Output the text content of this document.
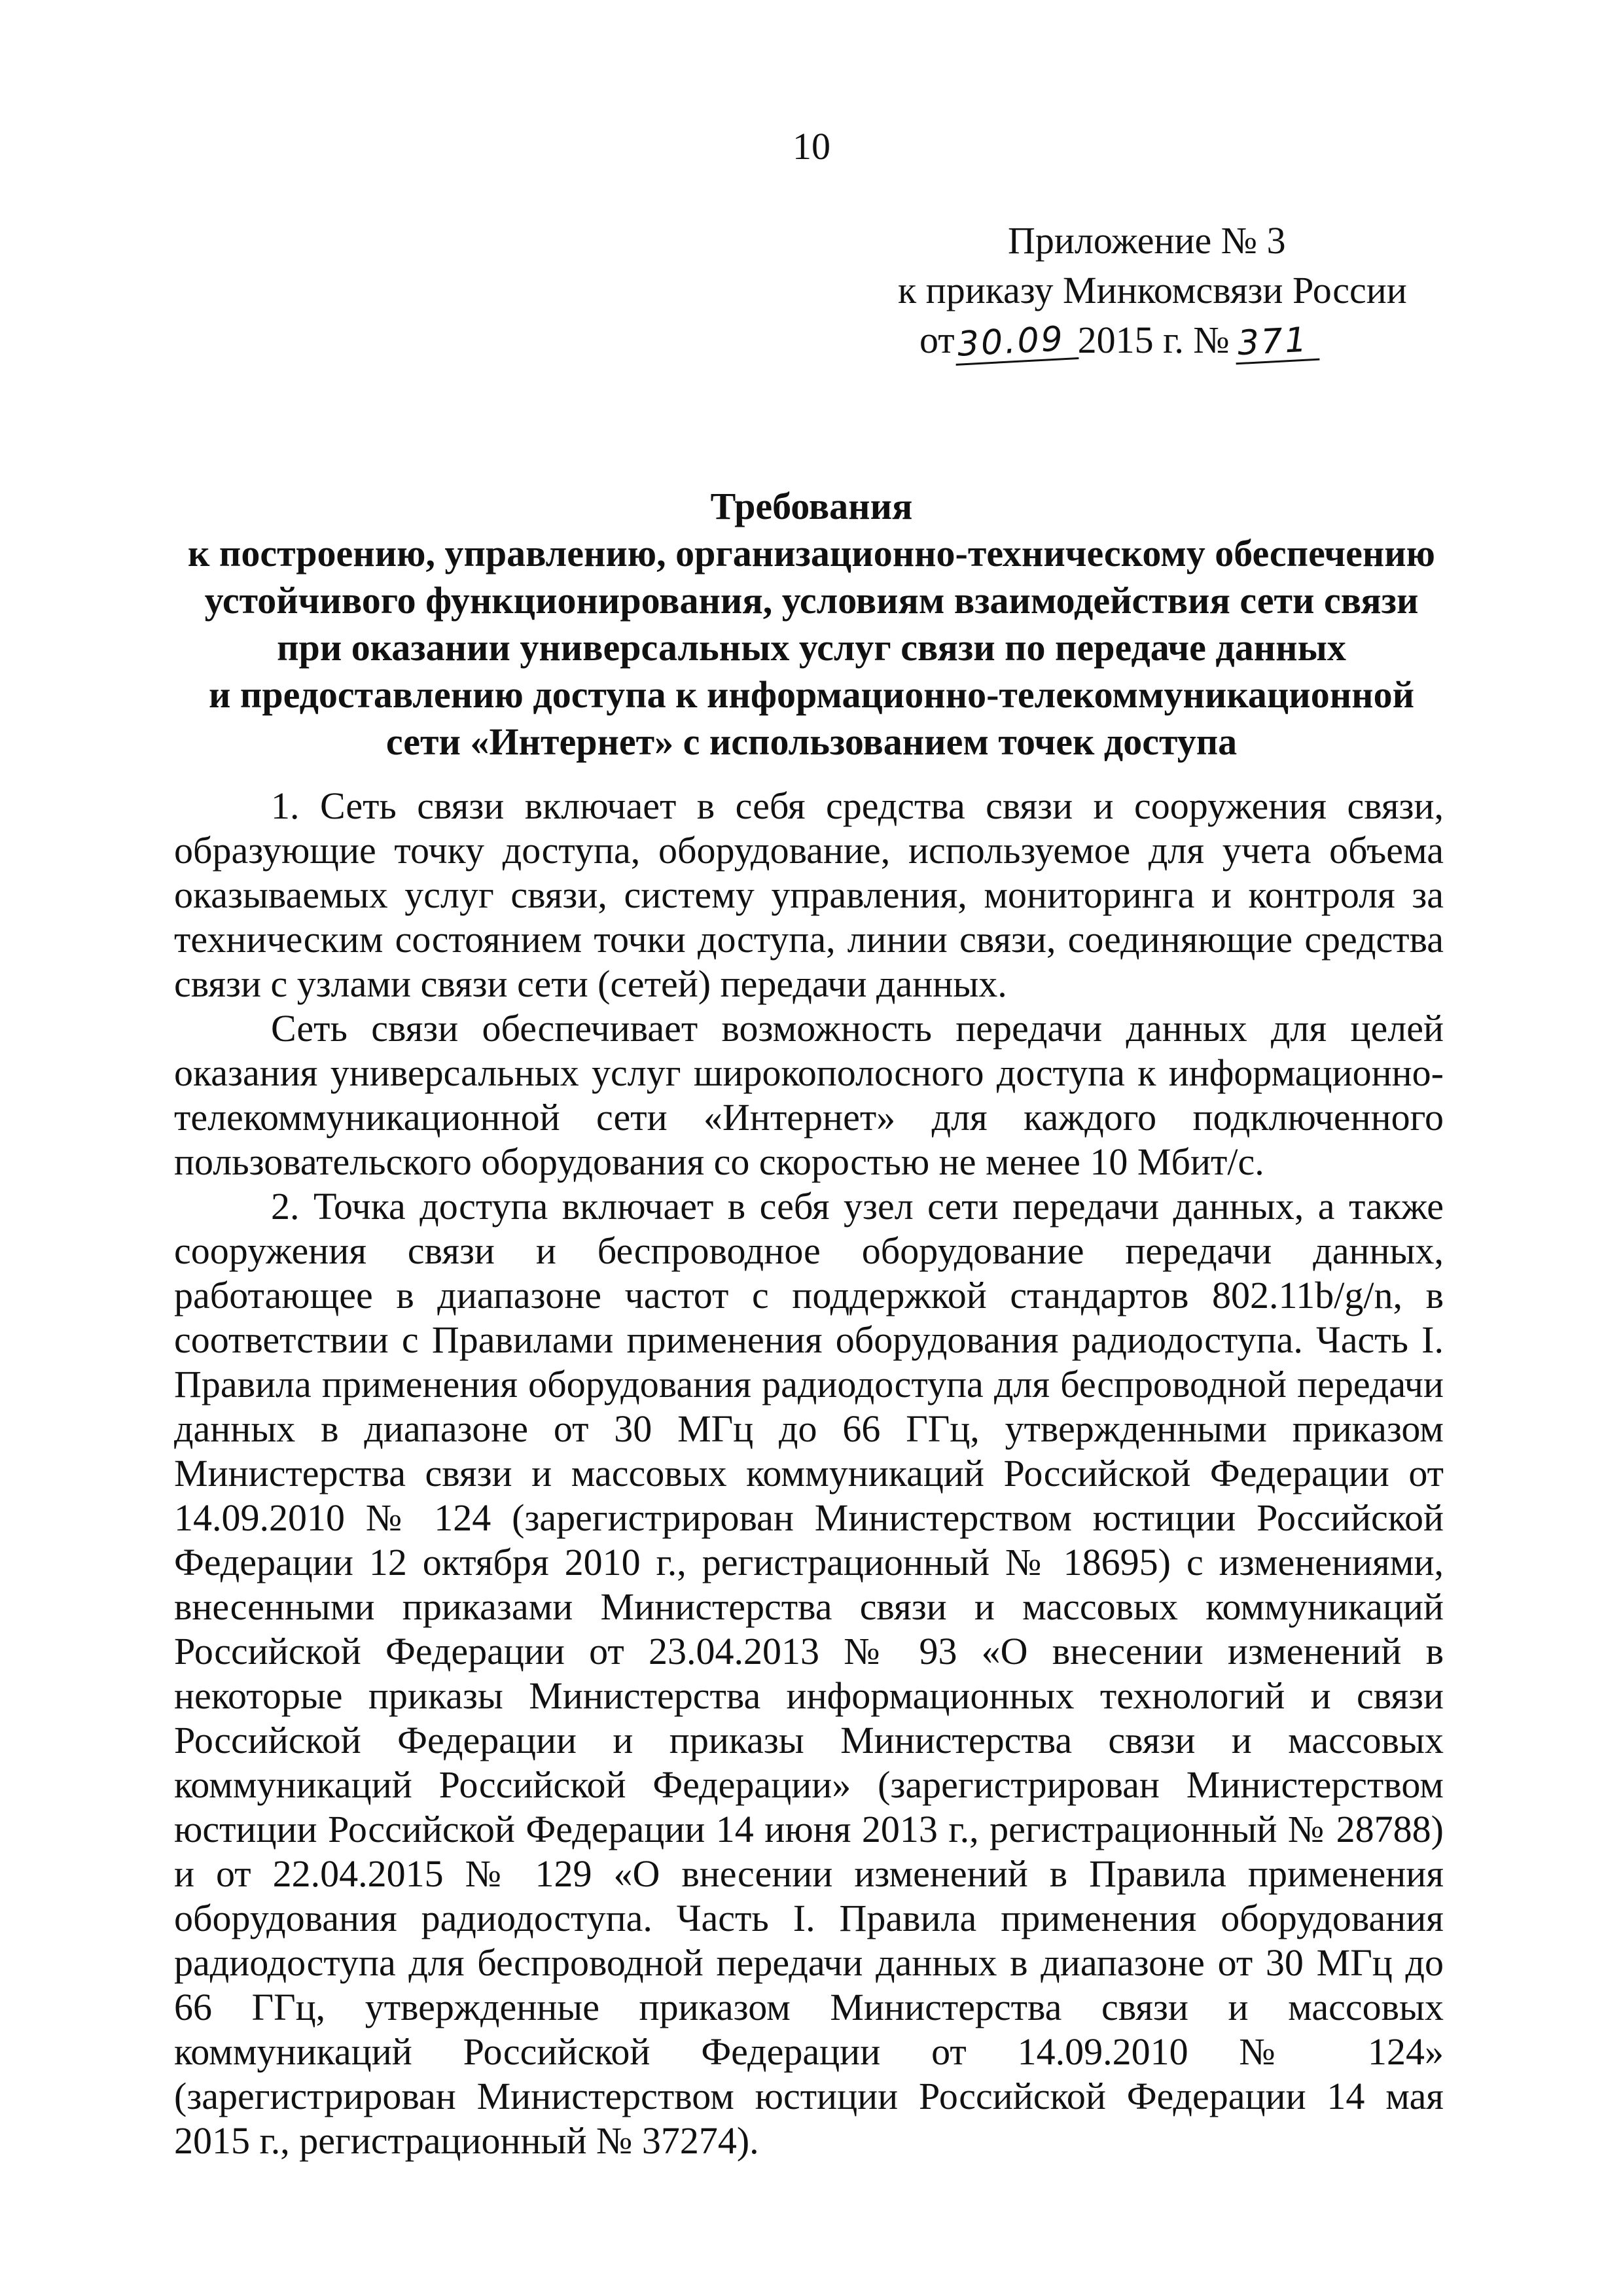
10
Приложение № 3
к приказу Минкомсвязи России
от30.09 2015 г. № 371
Требования
к построению, управлению, организационно-техническому обеспечению
устойчивого функционирования, условиям взаимодействия сети связи
при оказании универсальных услуг связи по передаче данных
и предоставлению доступа к информационно-телекоммуникационной
сети «Интернет» с использованием точек доступа

1. Сеть связи включает в себя средства связи и сооружения связи, образующие точку доступа, оборудование, используемое для учета объема оказываемых услуг связи, систему управления, мониторинга и контроля за техническим состоянием точки доступа, линии связи, соединяющие средства связи с узлами связи сети (сетей) передачи данных.

Сеть связи обеспечивает возможность передачи данных для целей оказания универсальных услуг широкополосного доступа к информационно-телекоммуникационной сети «Интернет» для каждого подключенного пользовательского оборудования со скоростью не менее 10 Мбит/с.

2. Точка доступа включает в себя узел сети передачи данных, а также сооружения связи и беспроводное оборудование передачи данных, работающее в диапазоне частот с поддержкой стандартов 802.11b/g/n, в соответствии с Правилами применения оборудования радиодоступа. Часть I. Правила применения оборудования радиодоступа для беспроводной передачи данных в диапазоне от 30 МГц до 66 ГГц, утвержденными приказом Министерства связи и массовых коммуникаций Российской Федерации от 14.09.2010 № 124 (зарегистрирован Министерством юстиции Российской Федерации 12 октября 2010 г., регистрационный № 18695) с изменениями, внесенными приказами Министерства связи и массовых коммуникаций Российской Федерации от 23.04.2013 № 93 «О внесении изменений в некоторые приказы Министерства информационных технологий и связи Российской Федерации и приказы Министерства связи и массовых коммуникаций Российской Федерации» (зарегистрирован Министерством юстиции Российской Федерации 14 июня 2013 г., регистрационный № 28788) и от 22.04.2015 № 129 «О внесении изменений в Правила применения оборудования радиодоступа. Часть I. Правила применения оборудования радиодоступа для беспроводной передачи данных в диапазоне от 30 МГц до 66 ГГц, утвержденные приказом Министерства связи и массовых коммуникаций Российской Федерации от 14.09.2010 № 124» (зарегистрирован Министерством юстиции Российской Федерации 14 мая 2015 г., регистрационный № 37274).
